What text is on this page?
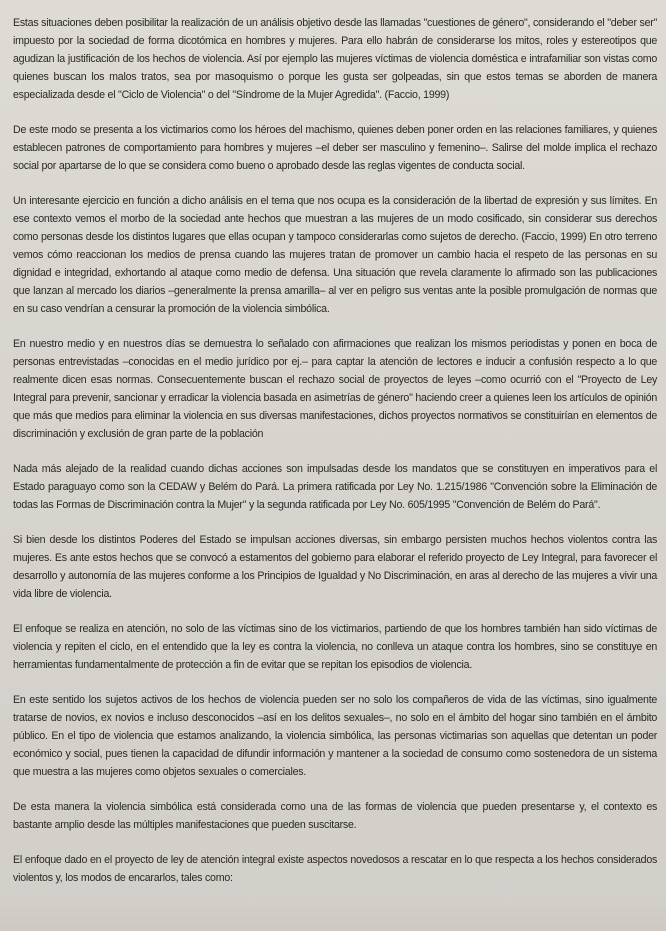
Estas situaciones deben posibilitar la realización de un análisis objetivo desde las llamadas "cuestiones de género", considerando el "deber ser" impuesto por la sociedad de forma dicotómica en hombres y mujeres. Para ello habrán de considerarse los mitos, roles y estereotipos que agudizan la justificación de los hechos de violencia. Así por ejemplo las mujeres víctimas de violencia doméstica e intrafamiliar son vistas como quienes buscan los malos tratos, sea por masoquismo o porque les gusta ser golpeadas, sin que estos temas se aborden de manera especializada desde el "Ciclo de Violencia" o del "Síndrome de la Mujer Agredida". (Faccio, 1999)

De este modo se presenta a los victimarios como los héroes del machismo, quienes deben poner orden en las relaciones familiares, y quienes establecen patrones de comportamiento para hombres y mujeres –el deber ser masculino y femenino–. Salirse del molde implica el rechazo social por apartarse de lo que se considera como bueno o aprobado desde las reglas vigentes de conducta social.

Un interesante ejercicio en función a dicho análisis en el tema que nos ocupa es la consideración de la libertad de expresión y sus límites. En ese contexto vemos el morbo de la sociedad ante hechos que muestran a las mujeres de un modo cosificado, sin considerar sus derechos como personas desde los distintos lugares que ellas ocupan y tampoco considerarlas como sujetos de derecho. (Faccio, 1999) En otro terreno vemos cómo reaccionan los medios de prensa cuando las mujeres tratan de promover un cambio hacia el respeto de las personas en su dignidad e integridad, exhortando al ataque como medio de defensa. Una situación que revela claramente lo afirmado son las publicaciones que lanzan al mercado los diarios –generalmente la prensa amarilla– al ver en peligro sus ventas ante la posible promulgación de normas que en su caso vendrían a censurar la promoción de la violencia simbólica.

En nuestro medio y en nuestros días se demuestra lo señalado con afirmaciones que realizan los mismos periodistas y ponen en boca de personas entrevistadas –conocidas en el medio jurídico por ej.– para captar la atención de lectores e inducir a confusión respecto a lo que realmente dicen esas normas. Consecuentemente buscan el rechazo social de proyectos de leyes –como ocurrió con el "Proyecto de Ley Integral para prevenir, sancionar y erradicar la violencia basada en asimetrías de género" haciendo creer a quienes leen los artículos de opinión que más que medios para eliminar la violencia en sus diversas manifestaciones, dichos proyectos normativos se constituirían en elementos de discriminación y exclusión de gran parte de la población

Nada más alejado de la realidad cuando dichas acciones son impulsadas desde los mandatos que se constituyen en imperativos para el Estado paraguayo como son la CEDAW y Belém do Pará. La primera ratificada por Ley No. 1.215/1986 "Convención sobre la Eliminación de todas las Formas de Discriminación contra la Mujer" y la segunda ratificada por Ley No. 605/1995 "Convención de Belém do Pará".

Si bien desde los distintos Poderes del Estado se impulsan acciones diversas, sin embargo persisten muchos hechos violentos contra las mujeres. Es ante estos hechos que se convocó a estamentos del gobierno para elaborar el referido proyecto de Ley Integral, para favorecer el desarrollo y autonomía de las mujeres conforme a los Principios de Igualdad y No Discriminación, en aras al derecho de las mujeres a vivir una vida libre de violencia.

El enfoque se realiza en atención, no solo de las víctimas sino de los victimarios, partiendo de que los hombres también han sido víctimas de violencia y repiten el ciclo, en el entendido que la ley es contra la violencia, no conlleva un ataque contra los hombres, sino se constituye en herramientas fundamentalmente de protección a fin de evitar que se repitan los episodios de violencia.

En este sentido los sujetos activos de los hechos de violencia pueden ser no solo los compañeros de vida de las víctimas, sino igualmente tratarse de novios, ex novios e incluso desconocidos –así en los delitos sexuales–, no solo en el ámbito del hogar sino también en el ámbito público. En el tipo de violencia que estamos analizando, la violencia simbólica, las personas victimarias son aquellas que detentan un poder económico y social, pues tienen la capacidad de difundir información y mantener a la sociedad de consumo como sostenedora de un sistema que muestra a las mujeres como objetos sexuales o comerciales.

De esta manera la violencia simbólica está considerada como una de las formas de violencia que pueden presentarse y, el contexto es bastante amplio desde las múltiples manifestaciones que pueden suscitarse.

El enfoque dado en el proyecto de ley de atención integral existe aspectos novedosos a rescatar en lo que respecta a los hechos considerados violentos y, los modos de encararlos, tales como:
